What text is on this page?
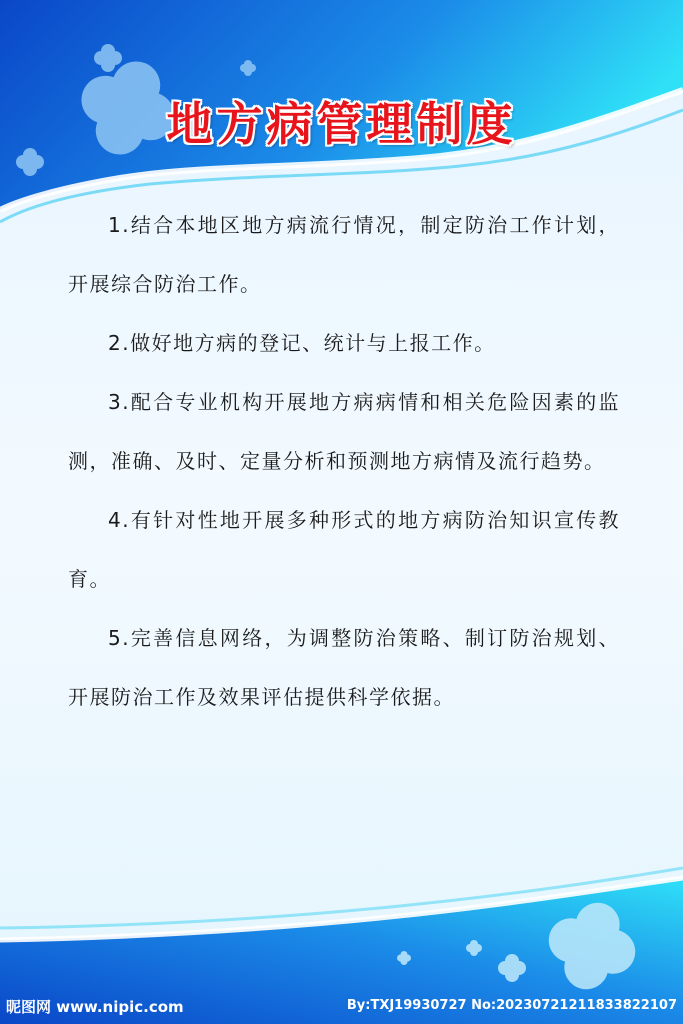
地方病管理制度

1.结合本地区地方病流行情况，制定防治工作计划，开展综合防治工作。

2.做好地方病的登记、统计与上报工作。

3.配合专业机构开展地方病病情和相关危险因素的监测，准确、及时、定量分析和预测地方病情及流行趋势。

4.有针对性地开展多种形式的地方病防治知识宣传教育。

5.完善信息网络，为调整防治策略、制订防治规划、开展防治工作及效果评估提供科学依据。

昵图网 www.nipic.com	By:TXJ19930727 No:20230721211833822107
